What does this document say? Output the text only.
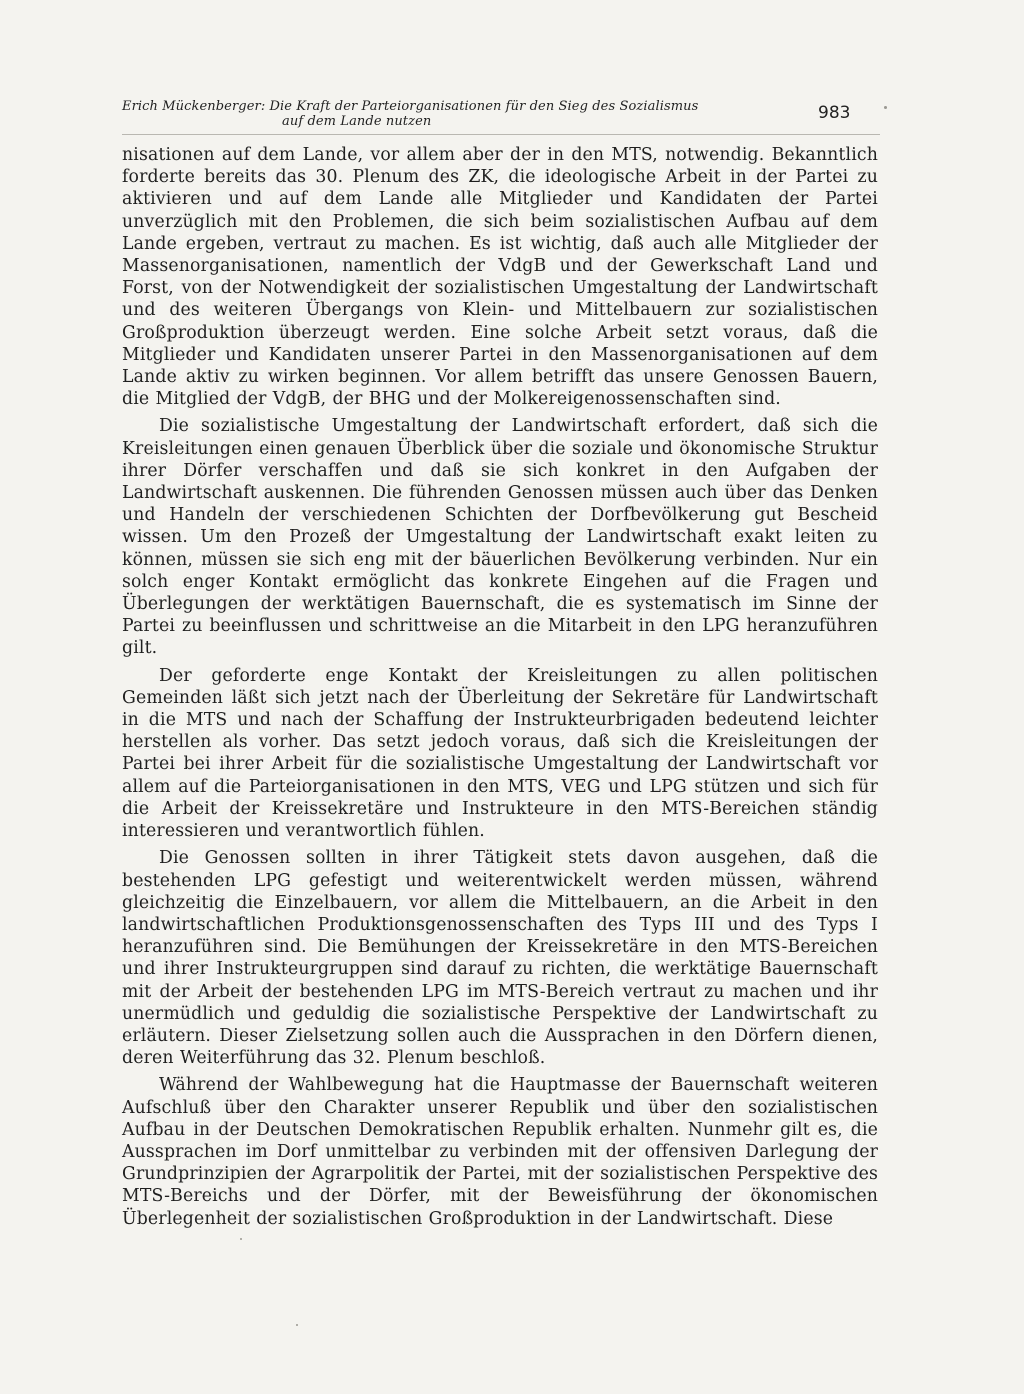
Erich Mückenberger: Die Kraft der Parteiorganisationen für den Sieg des Sozialismus
auf dem Lande nutzen	983

nisationen auf dem Lande, vor allem aber der in den MTS, notwendig. Bekanntlich forderte bereits das 30. Plenum des ZK, die ideologische Arbeit in der Partei zu aktivieren und auf dem Lande alle Mitglieder und Kandidaten der Partei unverzüglich mit den Problemen, die sich beim sozialistischen Aufbau auf dem Lande ergeben, vertraut zu machen. Es ist wichtig, daß auch alle Mitglieder der Massenorganisationen, namentlich der VdgB und der Gewerkschaft Land und Forst, von der Notwendigkeit der sozialistischen Umgestaltung der Landwirtschaft und des weiteren Übergangs von Klein- und Mittelbauern zur sozialistischen Großproduktion überzeugt werden. Eine solche Arbeit setzt voraus, daß die Mitglieder und Kandidaten unserer Partei in den Massenorganisationen auf dem Lande aktiv zu wirken beginnen. Vor allem betrifft das unsere Genossen Bauern, die Mitglied der VdgB, der BHG und der Molkereigenossenschaften sind.

Die sozialistische Umgestaltung der Landwirtschaft erfordert, daß sich die Kreisleitungen einen genauen Überblick über die soziale und ökonomische Struktur ihrer Dörfer verschaffen und daß sie sich konkret in den Aufgaben der Landwirtschaft auskennen. Die führenden Genossen müssen auch über das Denken und Handeln der verschiedenen Schichten der Dorfbevölkerung gut Bescheid wissen. Um den Prozeß der Umgestaltung der Landwirtschaft exakt leiten zu können, müssen sie sich eng mit der bäuerlichen Bevölkerung verbinden. Nur ein solch enger Kontakt ermöglicht das konkrete Eingehen auf die Fragen und Überlegungen der werktätigen Bauernschaft, die es systematisch im Sinne der Partei zu beeinflussen und schrittweise an die Mitarbeit in den LPG heranzuführen gilt.

Der geforderte enge Kontakt der Kreisleitungen zu allen politischen Gemeinden läßt sich jetzt nach der Überleitung der Sekretäre für Landwirtschaft in die MTS und nach der Schaffung der Instrukteurbrigaden bedeutend leichter herstellen als vorher. Das setzt jedoch voraus, daß sich die Kreisleitungen der Partei bei ihrer Arbeit für die sozialistische Umgestaltung der Landwirtschaft vor allem auf die Parteiorganisationen in den MTS, VEG und LPG stützen und sich für die Arbeit der Kreissekretäre und Instrukteure in den MTS-Bereichen ständig interessieren und verantwortlich fühlen.

Die Genossen sollten in ihrer Tätigkeit stets davon ausgehen, daß die bestehenden LPG gefestigt und weiterentwickelt werden müssen, während gleichzeitig die Einzelbauern, vor allem die Mittelbauern, an die Arbeit in den landwirtschaftlichen Produktionsgenossenschaften des Typs III und des Typs I heranzuführen sind. Die Bemühungen der Kreissekretäre in den MTS-Bereichen und ihrer Instrukteurgruppen sind darauf zu richten, die werktätige Bauernschaft mit der Arbeit der bestehenden LPG im MTS-Bereich vertraut zu machen und ihr unermüdlich und geduldig die sozialistische Perspektive der Landwirtschaft zu erläutern. Dieser Zielsetzung sollen auch die Aussprachen in den Dörfern dienen, deren Weiterführung das 32. Plenum beschloß.

Während der Wahlbewegung hat die Hauptmasse der Bauernschaft weiteren Aufschluß über den Charakter unserer Republik und über den sozialistischen Aufbau in der Deutschen Demokratischen Republik erhalten. Nunmehr gilt es, die Aussprachen im Dorf unmittelbar zu verbinden mit der offensiven Darlegung der Grundprinzipien der Agrarpolitik der Partei, mit der sozialistischen Perspektive des MTS-Bereichs und der Dörfer, mit der Beweisführung der ökonomischen Überlegenheit der sozialistischen Großproduktion in der Landwirtschaft. Diese
